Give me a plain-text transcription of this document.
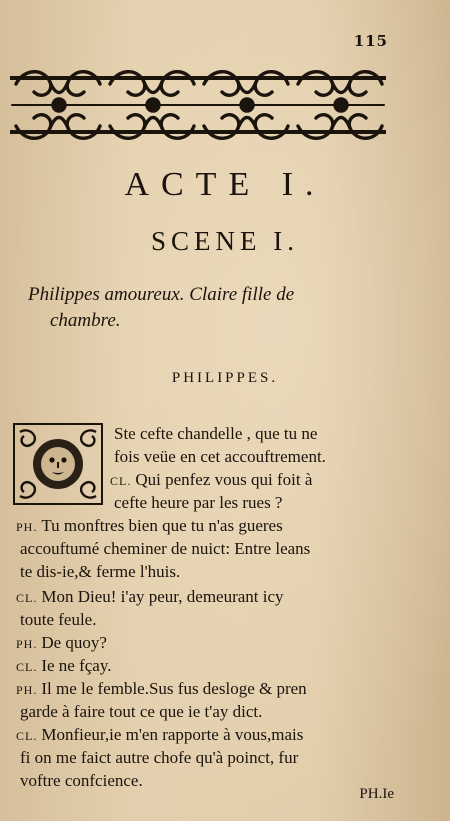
115
ACTE I.
SCENE I.
Philippes amoureux. Claire fille de
chambre.
PHILIPPES.
Ste cefte chandelle , que tu ne
fois veüe en cet accouftrement.
CL. Qui penfez vous qui foit à
cefte heure par les rues ?
PH. Tu monftres bien que tu n'as gueres
accouftumé cheminer de nuict: Entre leans
te dis-ie,& ferme l'huis.
CL. Mon Dieu! i'ay peur, demeurant icy
toute feule.
PH. De quoy?
CL. Ie ne fçay.
PH. Il me le femble.Sus fus desloge & pren
garde à faire tout ce que ie t'ay dict.
CL. Monfieur,ie m'en rapporte à vous,mais
fi on me faict autre chofe qu'à poinct, fur
voftre confcience.
PH.Ie
